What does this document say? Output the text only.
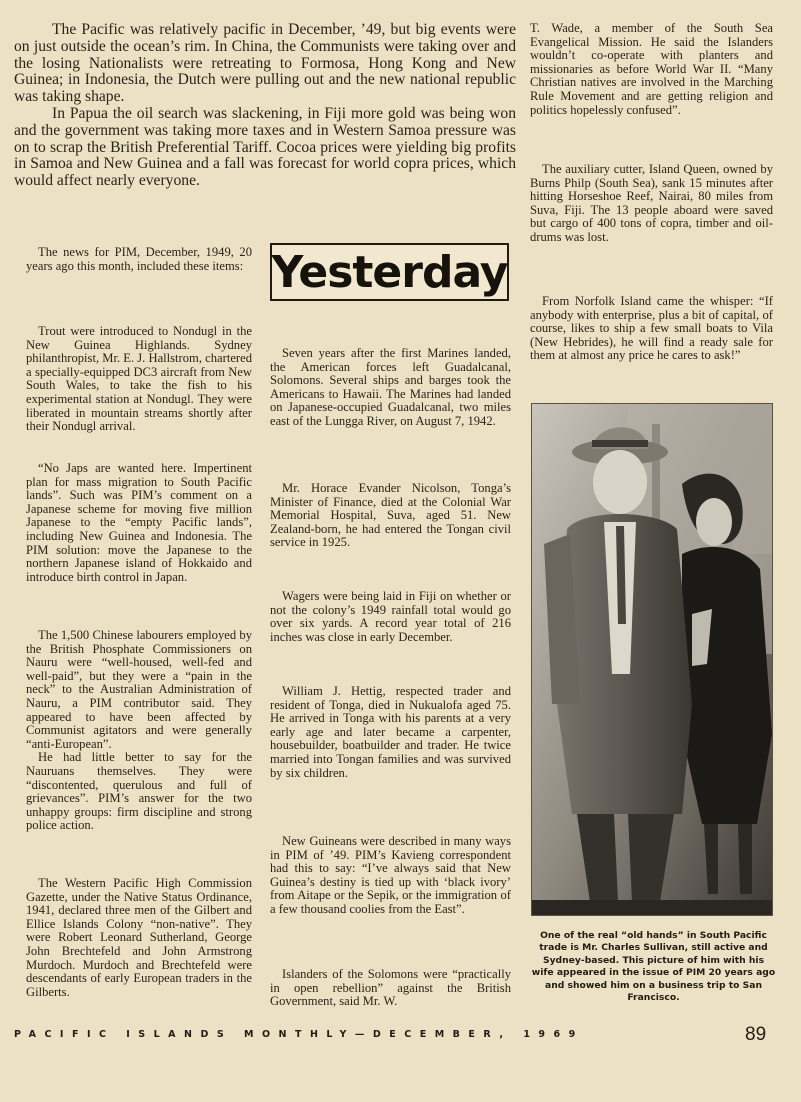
The Pacific was relatively pacific in December, ’49, but big events were on just outside the ocean’s rim. In China, the Communists were taking over and the losing Nationalists were retreating to Formosa, Hong Kong and New Guinea; in Indonesia, the Dutch were pulling out and the new national republic was taking shape.

In Papua the oil search was slackening, in Fiji more gold was being won and the government was taking more taxes and in Western Samoa pressure was on to scrap the British Preferential Tariff. Cocoa prices were yielding big profits in Samoa and New Guinea and a fall was forecast for world copra prices, which would affect nearly everyone.

Yesterday

The news for PIM, December, 1949, 20 years ago this month, included these items:

Trout were introduced to Nondugl in the New Guinea Highlands. Sydney philanthropist, Mr. E. J. Hallstrom, chartered a specially-equipped DC3 aircraft from New South Wales, to take the fish to his experimental station at Nondugl. They were liberated in mountain streams shortly after their Nondugl arrival.

“No Japs are wanted here. Impertinent plan for mass migration to South Pacific lands”. Such was PIM’s comment on a Japanese scheme for moving five million Japanese to the “empty Pacific lands”, including New Guinea and Indonesia. The PIM solution: move the Japanese to the northern Japanese island of Hokkaido and introduce birth control in Japan.

The 1,500 Chinese labourers employed by the British Phosphate Commissioners on Nauru were “well-housed, well-fed and well-paid”, but they were a “pain in the neck” to the Australian Administration of Nauru, a PIM contributor said. They appeared to have been affected by Communist agitators and were generally “anti-European”.

He had little better to say for the Nauruans themselves. They were “discontented, querulous and full of grievances”. PIM’s answer for the two unhappy groups: firm discipline and strong police action.

The Western Pacific High Commission Gazette, under the Native Status Ordinance, 1941, declared three men of the Gilbert and Ellice Islands Colony “non-native”. They were Robert Leonard Sutherland, George John Brechtefeld and John Armstrong Murdoch. Murdoch and Brechtefeld were descendants of early European traders in the Gilberts.

Seven years after the first Marines landed, the American forces left Guadalcanal, Solomons. Several ships and barges took the Americans to Hawaii. The Marines had landed on Japanese-occupied Guadalcanal, two miles east of the Lungga River, on August 7, 1942.

Mr. Horace Evander Nicolson, Tonga’s Minister of Finance, died at the Colonial War Memorial Hospital, Suva, aged 51. New Zealand-born, he had entered the Tongan civil service in 1925.

Wagers were being laid in Fiji on whether or not the colony’s 1949 rainfall total would go over six yards. A record year total of 216 inches was close in early December.

William J. Hettig, respected trader and resident of Tonga, died in Nukualofa aged 75. He arrived in Tonga with his parents at a very early age and later became a carpenter, housebuilder, boatbuilder and trader. He twice married into Tongan families and was survived by six children.

New Guineans were described in many ways in PIM of ’49. PIM’s Kavieng correspondent had this to say: “I’ve always said that New Guinea’s destiny is tied up with ‘black ivory’ from Aitape or the Sepik, or the immigration of a few thousand coolies from the East”.

Islanders of the Solomons were “practically in open rebellion” against the British Government, said Mr. W.

T. Wade, a member of the South Sea Evangelical Mission. He said the Islanders wouldn’t co-operate with planters and missionaries as before World War II. “Many Christian natives are involved in the Marching Rule Movement and are getting religion and politics hopelessly confused”.

The auxiliary cutter, Island Queen, owned by Burns Philp (South Sea), sank 15 minutes after hitting Horseshoe Reef, Nairai, 80 miles from Suva, Fiji. The 13 people aboard were saved but cargo of 400 tons of copra, timber and oil-drums was lost.

From Norfolk Island came the whisper: “If anybody with enterprise, plus a bit of capital, of course, likes to ship a few small boats to Vila (New Hebrides), he will find a ready sale for them at almost any price he cares to ask!”

One of the real “old hands” in South Pacific trade is Mr. Charles Sullivan, still active and Sydney-based. This picture of him with his wife appeared in the issue of PIM 20 years ago and showed him on a business trip to San Francisco.
PACIFIC ISLANDS MONTHLY—DECEMBER, 1969	89
